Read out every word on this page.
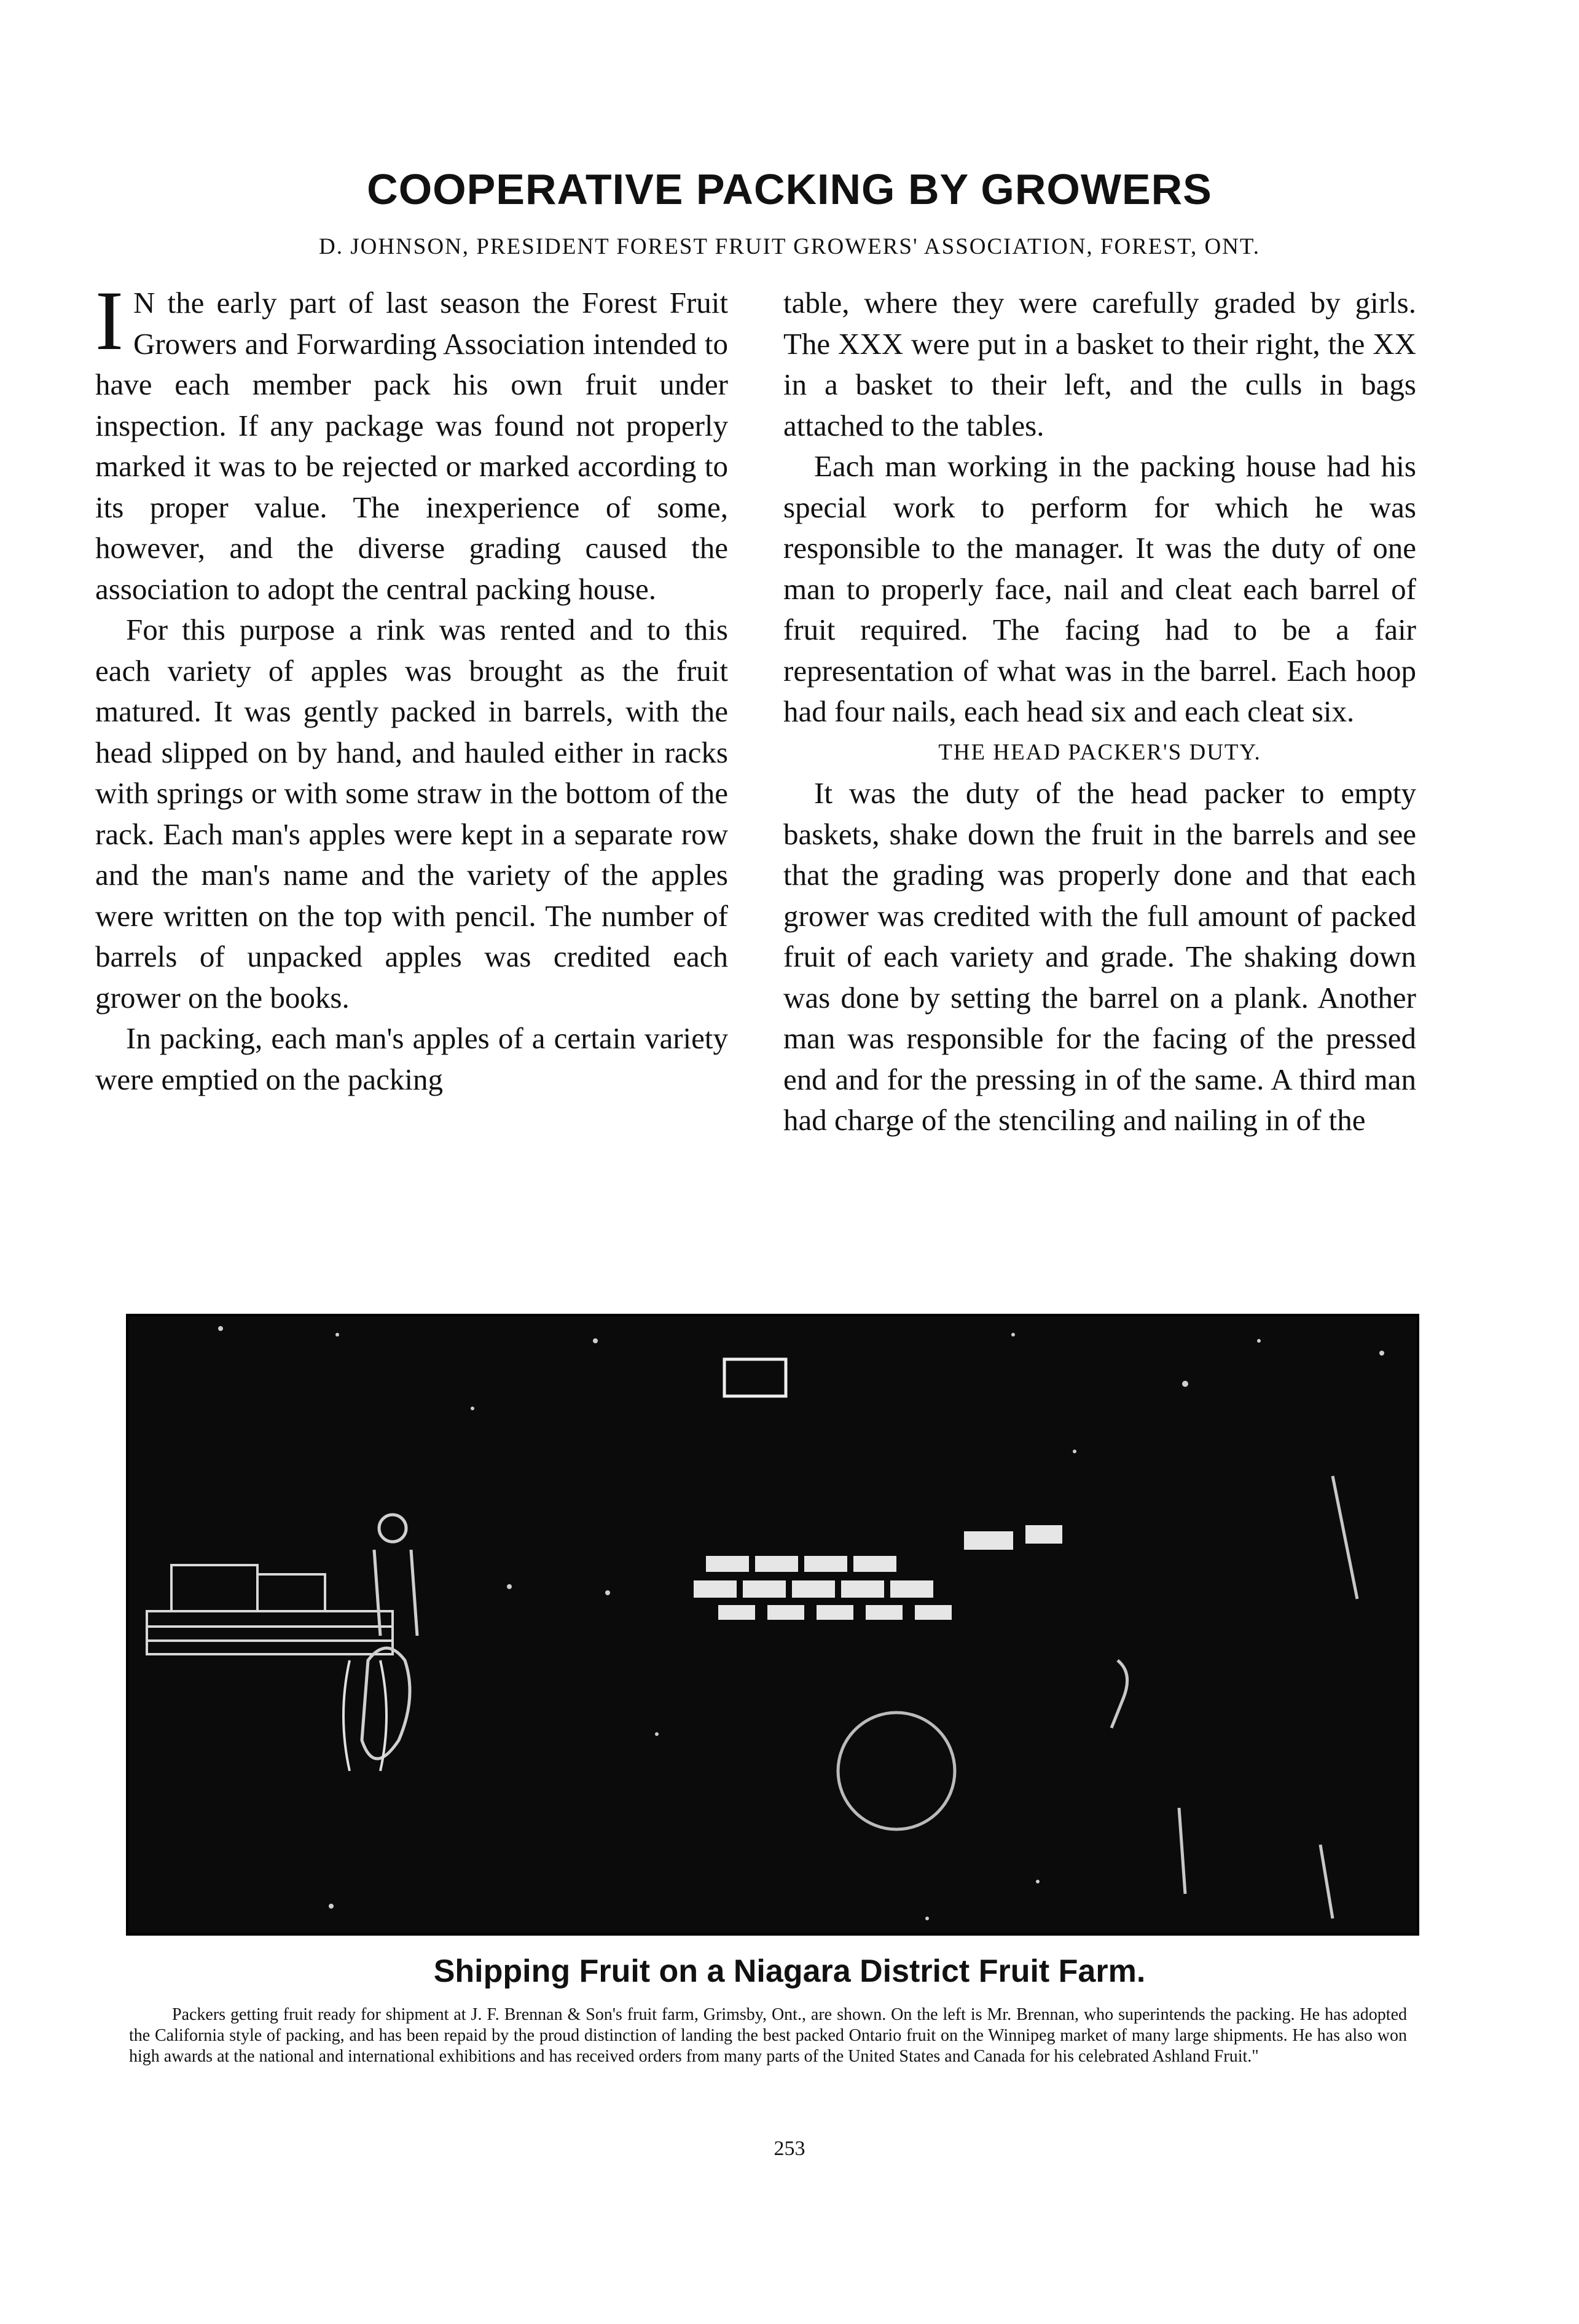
COOPERATIVE PACKING BY GROWERS
D. JOHNSON, PRESIDENT FOREST FRUIT GROWERS' ASSOCIATION, FOREST, ONT.

I N the early part of last season the Forest Fruit Growers and Forwarding Association intended to have each member pack his own fruit under inspection. If any package was found not properly marked it was to be rejected or marked according to its proper value. The inexperience of some, however, and the diverse grading caused the association to adopt the central packing house.

For this purpose a rink was rented and to this each variety of apples was brought as the fruit matured. It was gently packed in barrels, with the head slipped on by hand, and hauled either in racks with springs or with some straw in the bottom of the rack. Each man's apples were kept in a separate row and the man's name and the variety of the apples were written on the top with pencil. The number of barrels of unpacked apples was credited each grower on the books.

In packing, each man's apples of a certain variety were emptied on the packing

table, where they were carefully graded by girls. The XXX were put in a basket to their right, the XX in a basket to their left, and the culls in bags attached to the tables.

Each man working in the packing house had his special work to perform for which he was responsible to the manager. It was the duty of one man to properly face, nail and cleat each barrel of fruit required. The facing had to be a fair representation of what was in the barrel. Each hoop had four nails, each head six and each cleat six.

THE HEAD PACKER'S DUTY.

It was the duty of the head packer to empty baskets, shake down the fruit in the barrels and see that the grading was properly done and that each grower was credited with the full amount of packed fruit of each variety and grade. The shaking down was done by setting the barrel on a plank. Another man was responsible for the facing of the pressed end and for the pressing in of the same. A third man had charge of the stenciling and nailing in of the

Shipping Fruit on a Niagara District Fruit Farm.

Packers getting fruit ready for shipment at J. F. Brennan & Son's fruit farm, Grimsby, Ont., are shown. On the left is Mr. Brennan, who superintends the packing. He has adopted the California style of packing, and has been repaid by the proud distinction of landing the best packed Ontario fruit on the Winnipeg market of many large shipments. He has also won high awards at the national and international exhibitions and has received orders from many parts of the United States and Canada for his celebrated Ashland Fruit."

253
